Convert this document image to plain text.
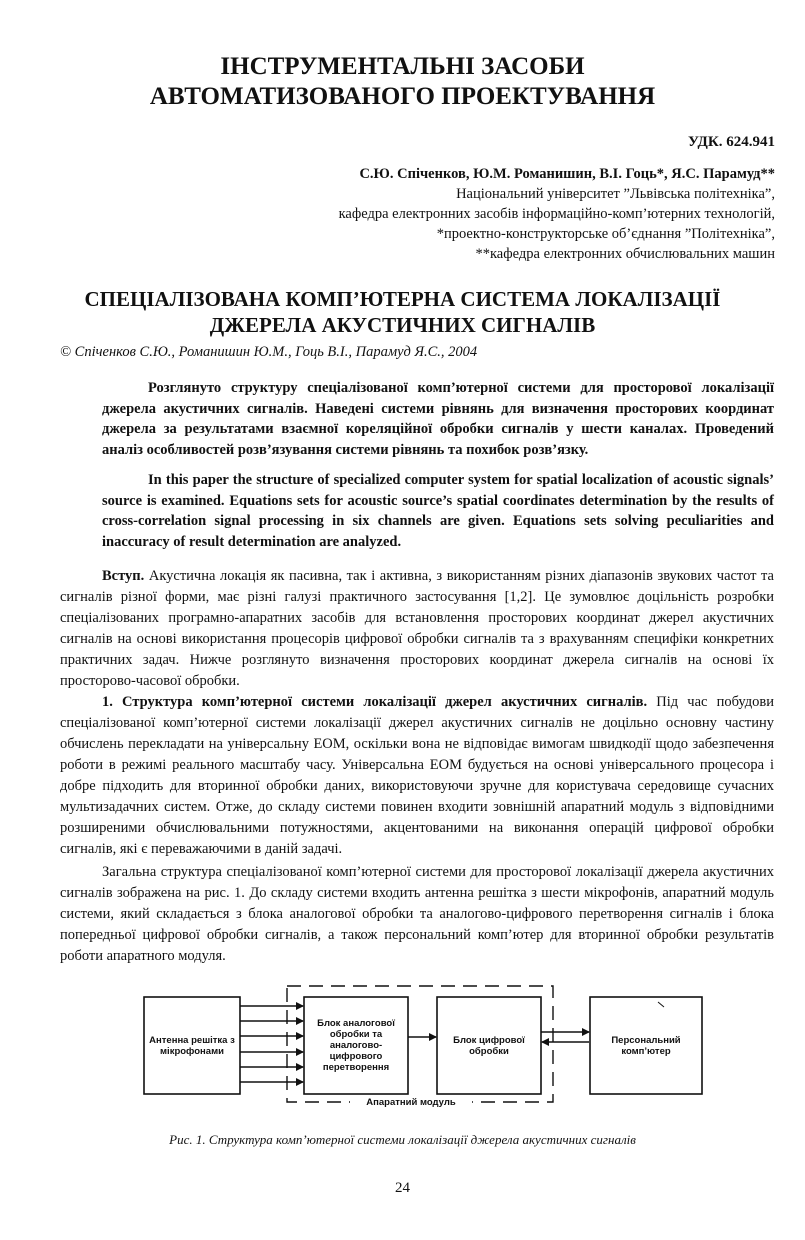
ІНСТРУМЕНТАЛЬНІ ЗАСОБИ
АВТОМАТИЗОВАНОГО ПРОЕКТУВАННЯ

УДК. 624.941

С.Ю. Спіченков, Ю.М. Романишин, В.І. Гоць*, Я.С. Парамуд**
Національний університет ”Львівська політехніка”,
кафедра електронних засобів інформаційно-комп’ютерних технологій,
*проектно-конструкторське об’єднання ”Політехніка”,
**кафедра електронних обчислювальних машин
СПЕЦІАЛІЗОВАНА КОМП’ЮТЕРНА СИСТЕМА ЛОКАЛІЗАЦІЇ
ДЖЕРЕЛА АКУСТИЧНИХ СИГНАЛІВ

© Спіченков С.Ю., Романишин Ю.М., Гоць В.І., Парамуд Я.С., 2004

Розглянуто структуру спеціалізованої комп’ютерної системи для просторової локалізації джерела акустичних сигналів. Наведені системи рівнянь для визначення просторових координат джерела за результатами взаємної кореляційної обробки сигналів у шести каналах. Проведений аналіз особливостей розв’язування системи рівнянь та похибок розв’язку.

In this paper the structure of specialized computer system for spatial localization of acoustic signals’ source is examined. Equations sets for acoustic source’s spatial coordinates determination by the results of cross-correlation signal processing in six channels are given. Equations sets solving peculiarities and inaccuracy of result determination are analyzed.

Вступ. Акустична локація як пасивна, так і активна, з використанням різних діапазонів звукових частот та сигналів різної форми, має різні галузі практичного застосування [1,2]. Це зумовлює доцільність розробки спеціалізованих програмно-апаратних засобів для встановлення просторових координат джерел акустичних сигналів на основі використання процесорів цифрової обробки сигналів та з врахуванням специфіки конкретних практичних задач. Нижче розглянуто визначення просторових координат джерела сигналів на основі їх просторово-часової обробки.

1. Структура комп’ютерної системи локалізації джерел акустичних сигналів. Під час побудови спеціалізованої комп’ютерної системи локалізації джерел акустичних сигналів не доцільно основну частину обчислень перекладати на універсальну ЕОМ, оскільки вона не відповідає вимогам швидкодії щодо забезпечення роботи в режимі реального масштабу часу. Універсальна ЕОМ будується на основі універсального процесора і добре підходить для вторинної обробки даних, використовуючи зручне для користувача середовище сучасних мультизадачних систем. Отже, до складу системи повинен входити зовнішній апаратний модуль з відповідними розширеними обчислювальними потужностями, акцентованими на виконання операцій цифрової обробки сигналів, які є переважаючими в даній задачі.

Загальна структура спеціалізованої комп’ютерної системи для просторової локалізації джерела акустичних сигналів зображена на рис. 1. До складу системи входить антенна решітка з шести мікрофонів, апаратний модуль системи, який складається з блока аналогової обробки та аналогово-цифрового перетворення сигналів і блока попередньої цифрової обробки сигналів, а також персональний комп’ютер для вторинної обробки результатів роботи апаратного модуля.

Антенна решітка з мікрофонами
Блок аналогової обробки та аналогово-цифрового перетворення
Блок цифрової обробки
Персональний комп’ютер
Апаратний модуль

Рис. 1. Структура комп’ютерної системи локалізації джерела акустичних сигналів

24
